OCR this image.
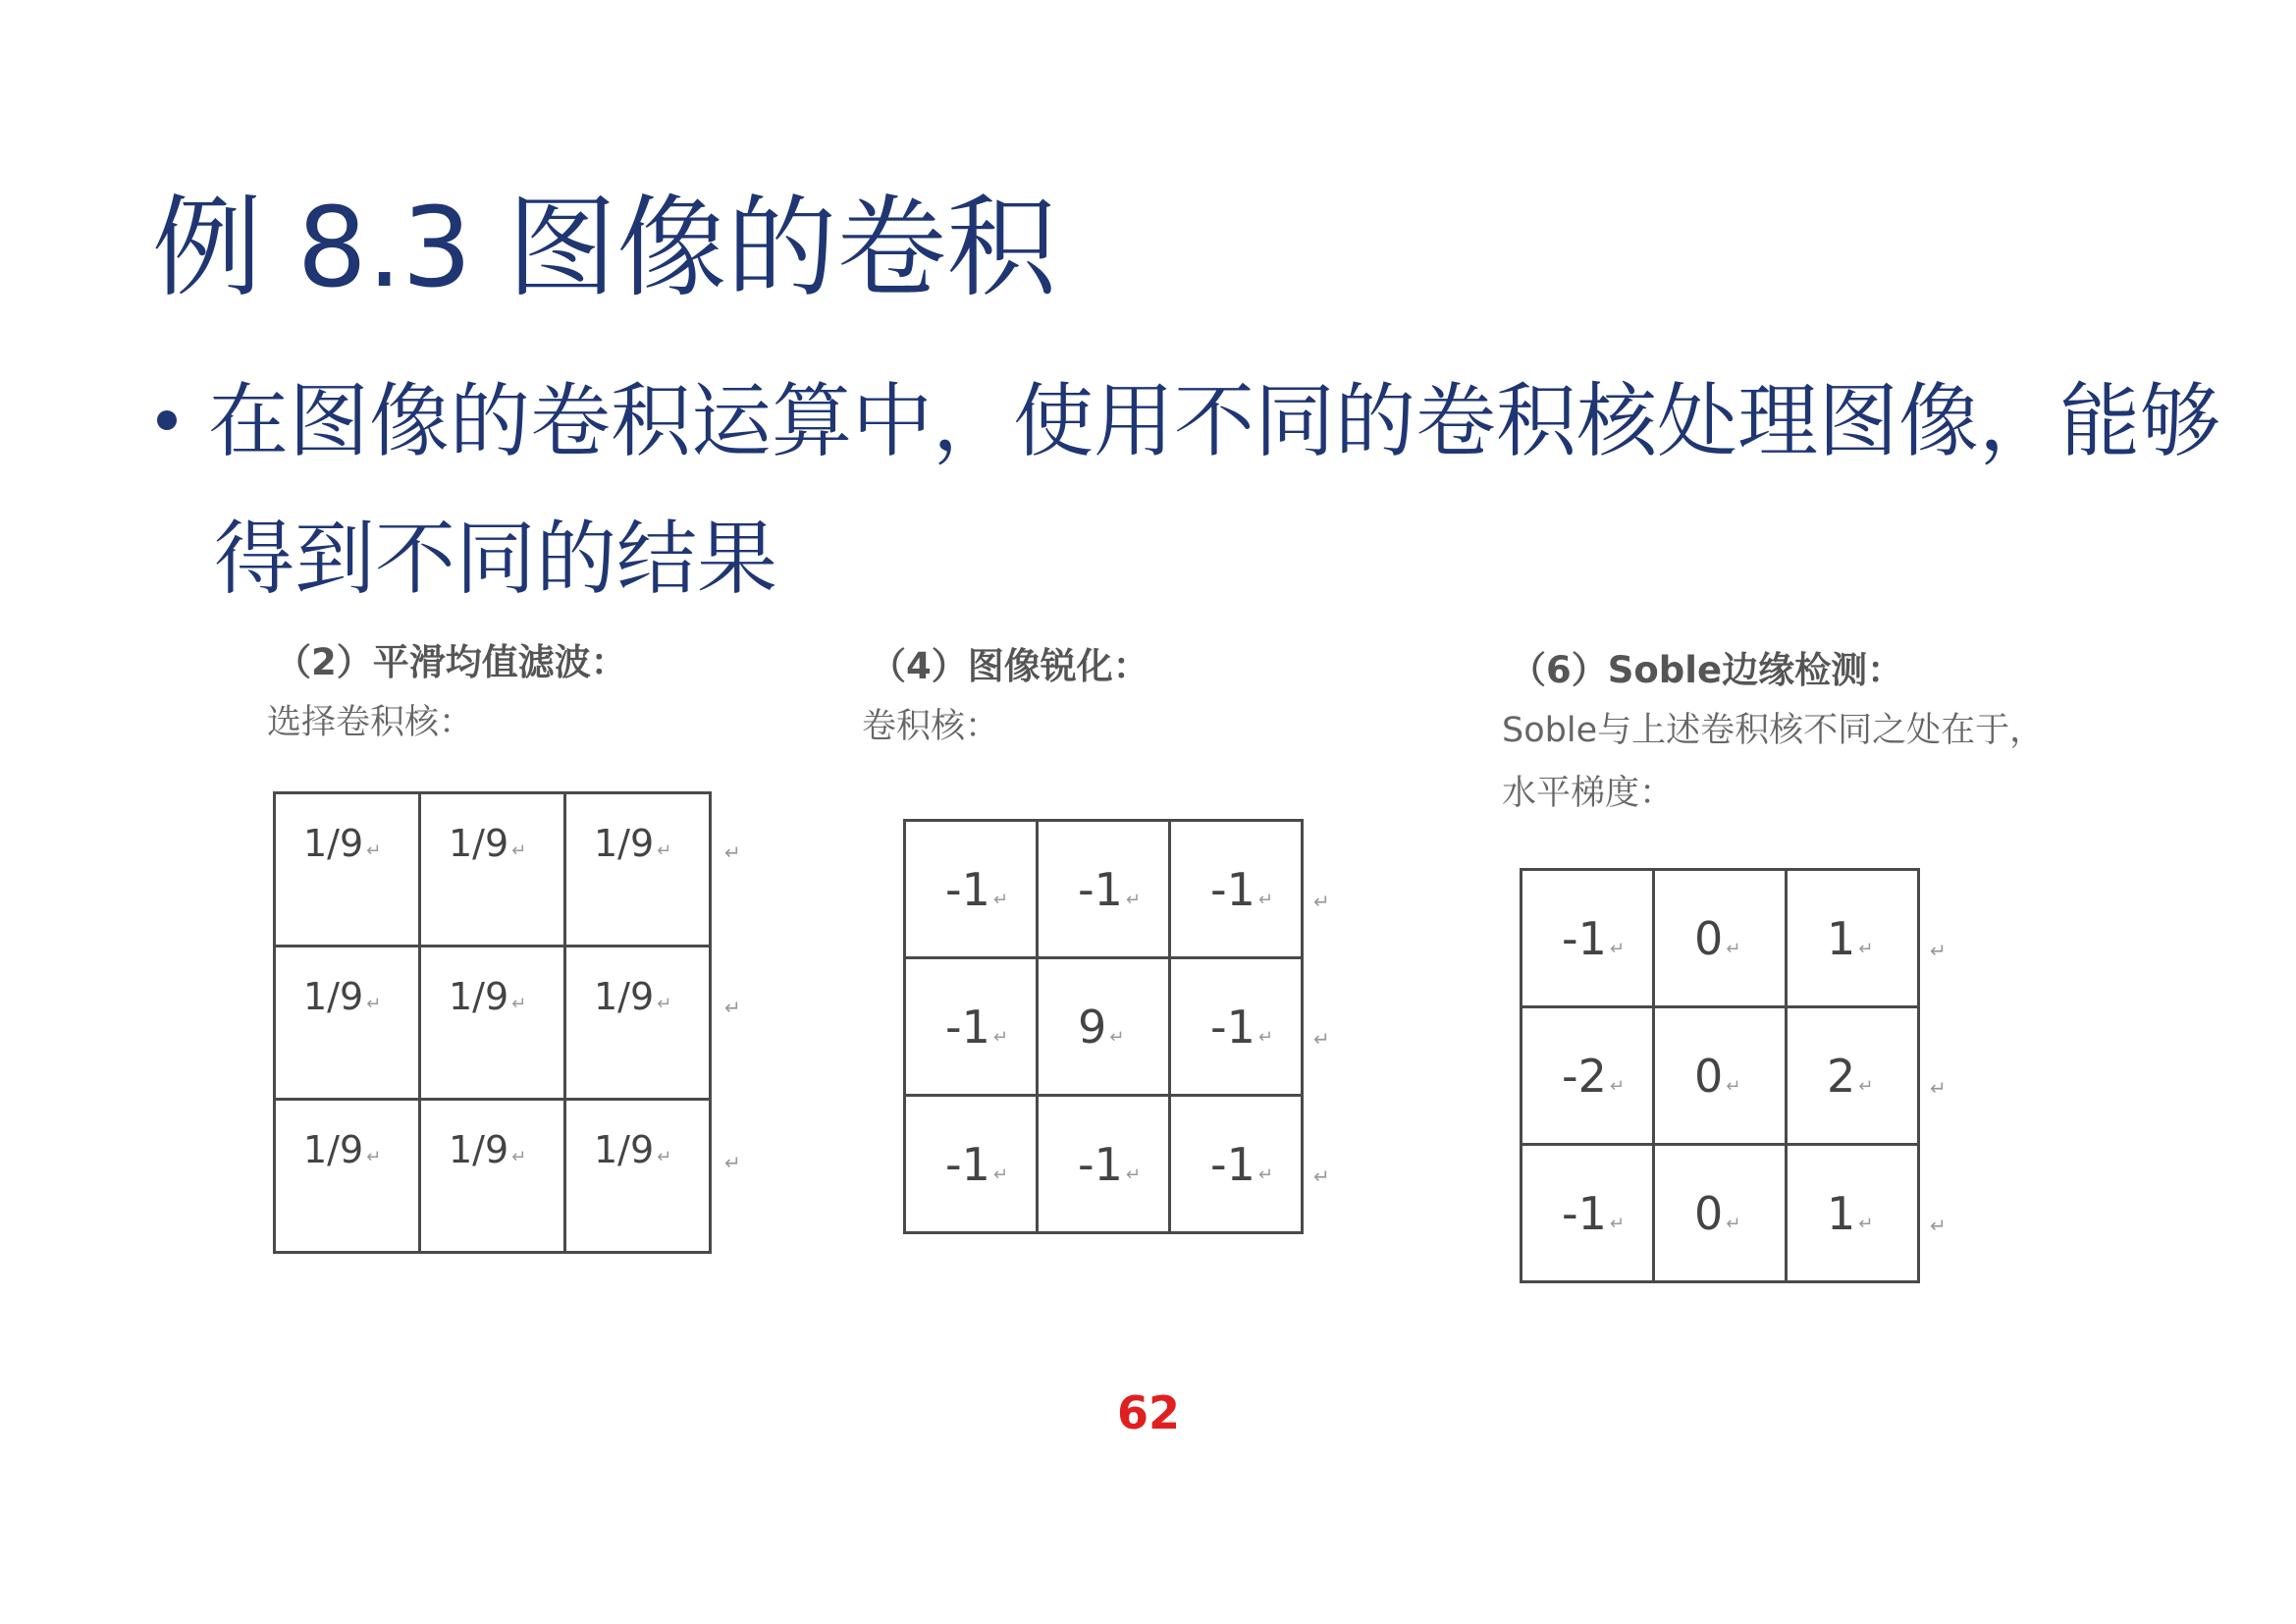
例 8.3 图像的卷积
在图像的卷积运算中，使用不同的卷积核处理图像，能够
得到不同的结果
（2）平滑均值滤波：
选择卷积核：
1/9 ↵	1/9 ↵	1/9 ↵

1/9 ↵	1/9 ↵	1/9 ↵

1/9 ↵	1/9 ↵	1/9 ↵
↵
↵
↵
（4）图像锐化：
卷积核：
-1 ↵	-1 ↵	-1 ↵

-1 ↵	9 ↵	-1 ↵

-1 ↵	-1 ↵	-1 ↵
↵
↵
↵
（6）Soble边缘检测：
Soble与上述卷积核不同之处在于，
水平梯度：
-1 ↵	0 ↵	1 ↵

-2 ↵	0 ↵	2 ↵

-1 ↵	0 ↵	1 ↵
↵
↵
↵
62
